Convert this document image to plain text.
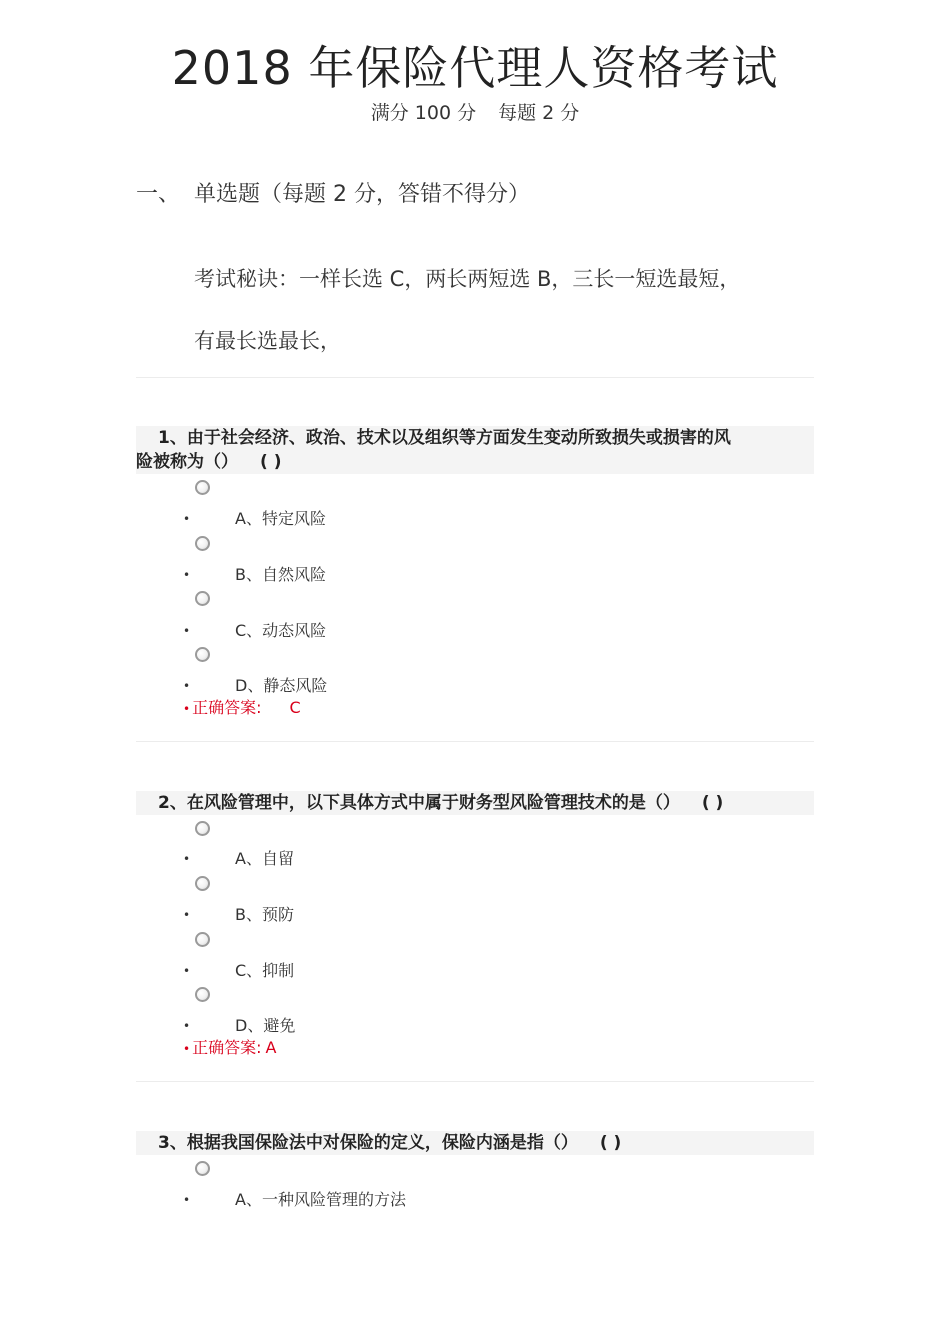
2018 年保险代理人资格考试
满分 100 分 每题 2 分
一、 单选题（每题 2 分，答错不得分）
考试秘诀：一样长选 C，两长两短选 B，三长一短选最短，
有最长选最长，
1、由于社会经济、政治、技术以及组织等方面发生变动所致损失或损害的风
险被称为（） ( )
•	A、特定风险
•	B、自然风险
•	C、动态风险
•	D、静态风险
• 正确答案: C
2、在风险管理中，以下具体方式中属于财务型风险管理技术的是（） ( )
•	A、自留
•	B、预防
•	C、抑制
•	D、避免
• 正确答案: A
3、根据我国保险法中对保险的定义，保险内涵是指（） ( )
•	A、一种风险管理的方法
